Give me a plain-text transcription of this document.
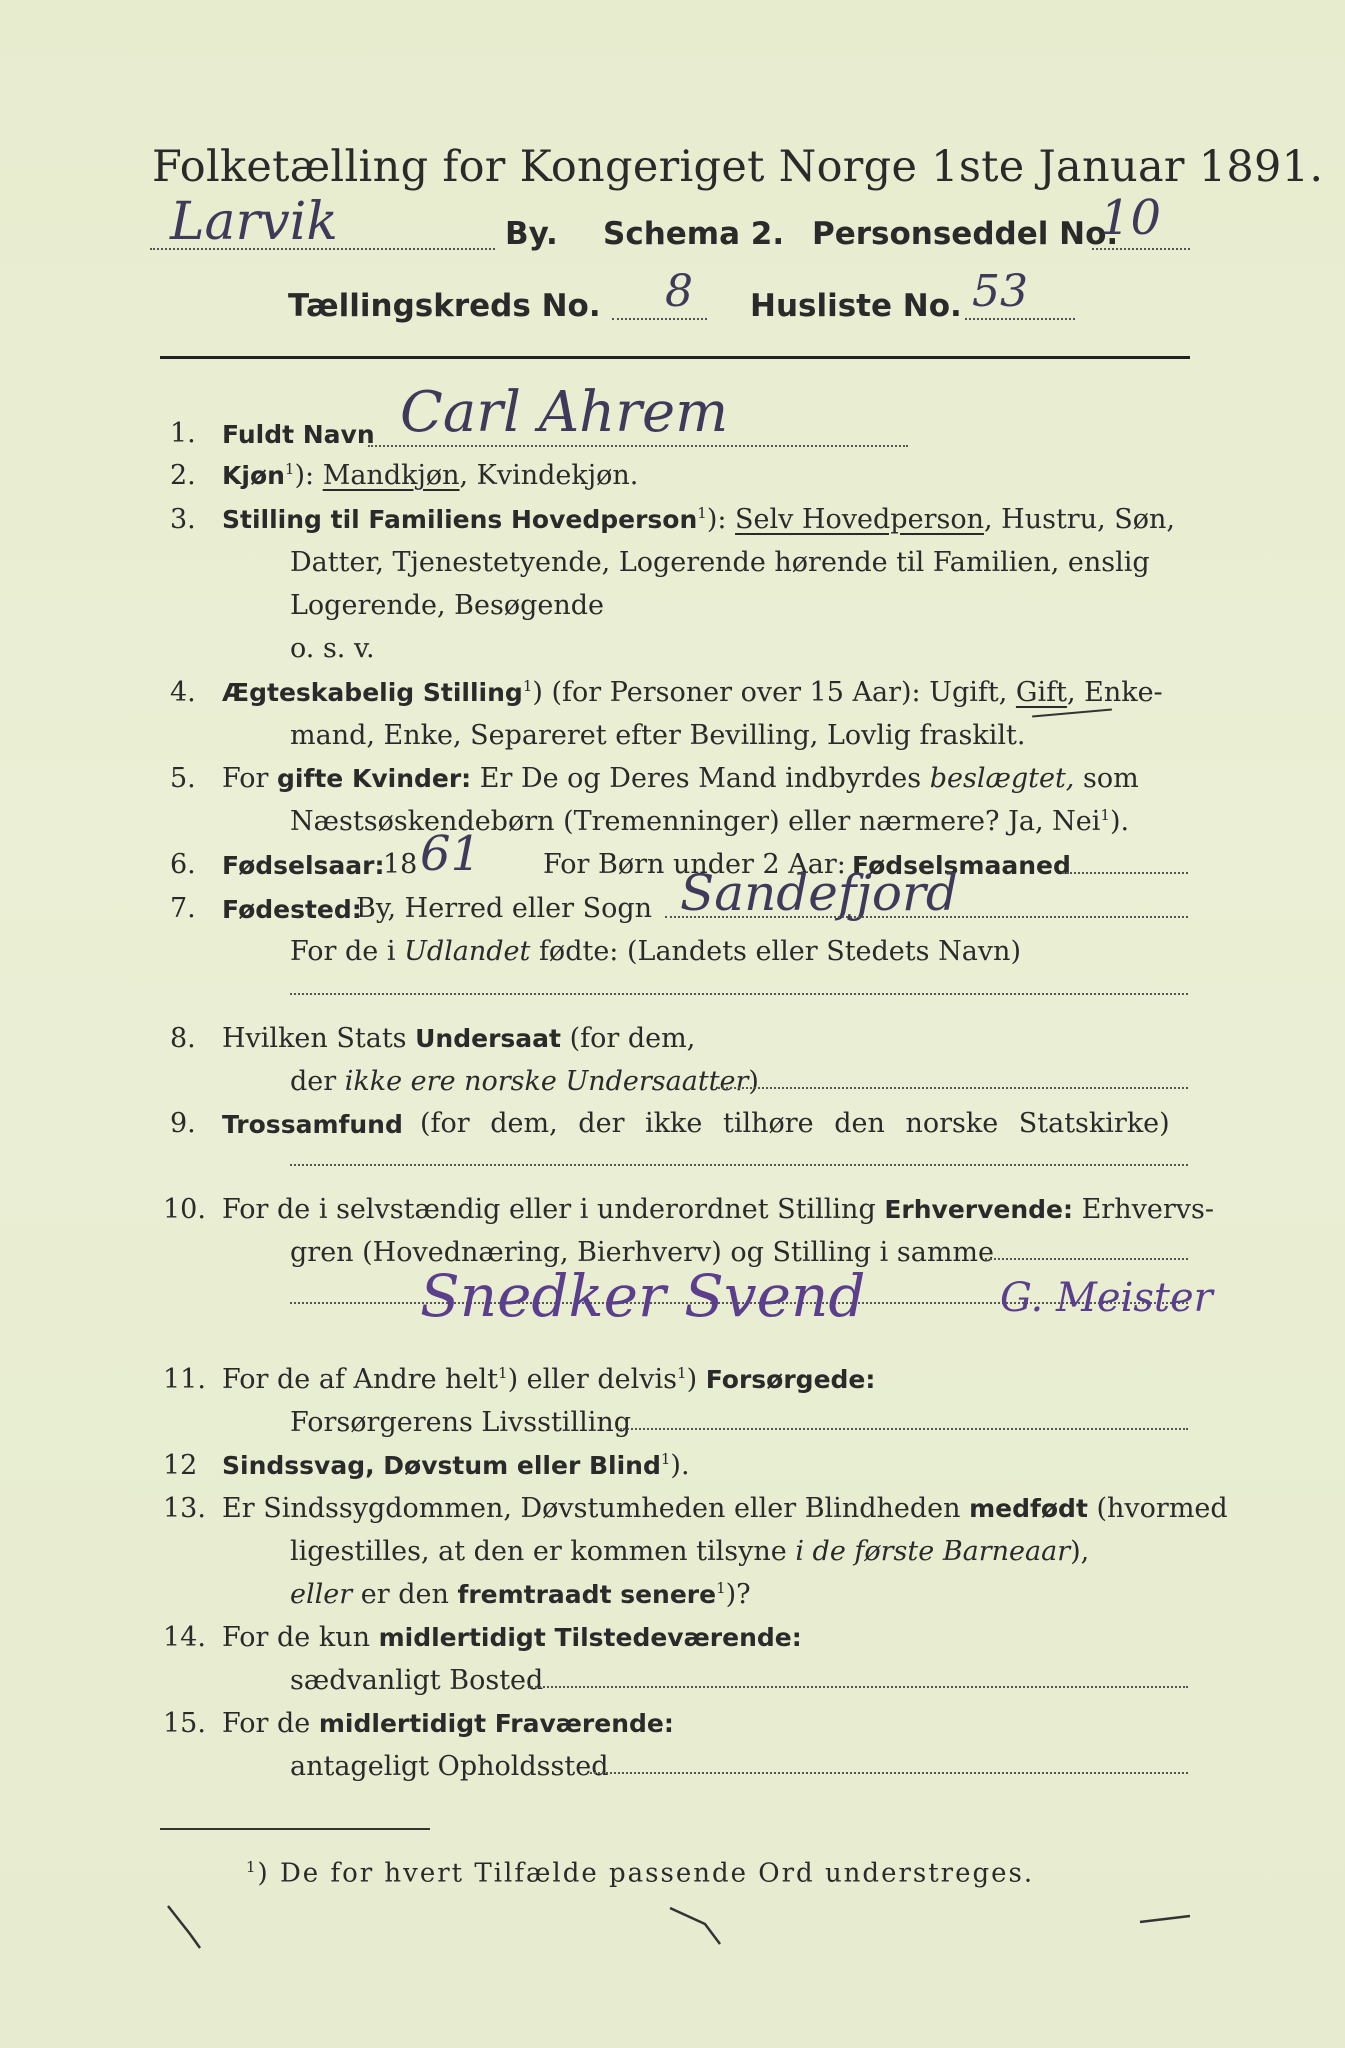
Folketælling for Kongeriget Norge 1ste Januar 1891.
Larvik	By. Schema 2. Personseddel No.
10
Tællingskreds No. 8 Husliste No. 53
1. Fuldt Navn Carl Ahrem
2. Kjøn$^1$): Mandkjøn, Kvindekjøn.
3. Stilling til Familiens Hovedperson$^1$): Selv Hovedperson, Hustru, Søn,
Datter, Tjenestetyende, Logerende hørende til Familien, enslig
Logerende, Besøgende
o. s. v.
4. Ægteskabelig Stilling$^1$) (for Personer over 15 Aar): Ugift, Gift, Enke-
mand, Enke, Separeret efter Bevilling, Lovlig fraskilt.
5. For gifte Kvinder: Er De og Deres Mand indbyrdes beslægtet, som
Næstsøskendebørn (Tremenninger) eller nærmere? Ja, Nei$^1$).
6. Fødselsaar:
18 61 For Børn under 2 Aar: Fødselsmaaned
7. Fødested:
By, Herred eller Sogn Sandefjord
For de i Udlandet fødte: (Landets eller Stedets Navn)
8. Hvilken Stats Undersaat (for dem,
der ikke ere norske Undersaatter)
9. Trossamfund (for dem, der ikke tilhøre den norske Statskirke)
10. For de i selvstændig eller i underordnet Stilling Erhvervende: Erhvervs-
gren (Hovednæring, Bierhverv) og Stilling i samme
Snedker Svend	G. Meister
11. For de af Andre helt$^1$) eller delvis$^1$) Forsørgede:
Forsørgerens Livsstilling
12 Sindssvag, Døvstum eller Blind$^1$).
13. Er Sindssygdommen, Døvstumheden eller Blindheden medfødt (hvormed
ligestilles, at den er kommen tilsyne i de første Barneaar),
eller er den fremtraadt senere$^1$)?
14. For de kun midlertidigt Tilstedeværende:
sædvanligt Bosted
15. For de midlertidigt Fraværende:
antageligt Opholdssted
$^1$) De for hvert Tilfælde passende Ord understreges.
